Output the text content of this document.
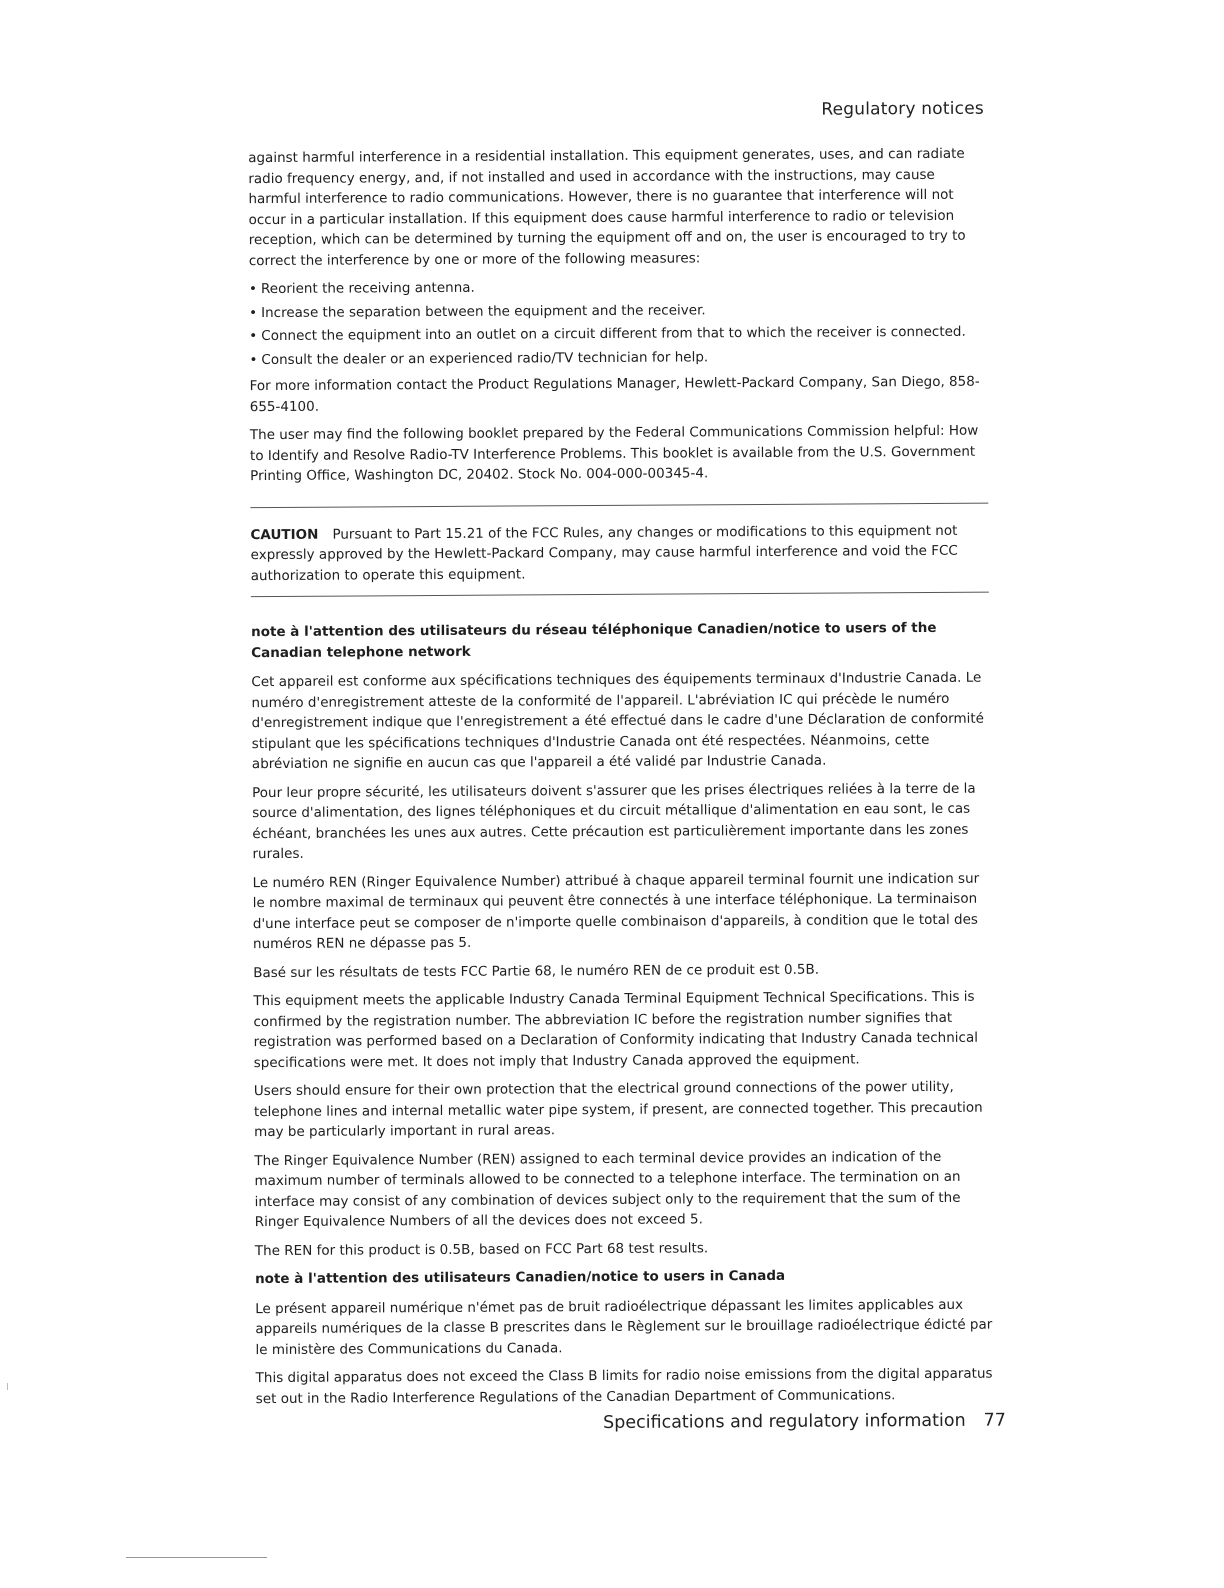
Regulatory notices

against harmful interference in a residential installation. This equipment generates, uses, and can radiate radio frequency energy, and, if not installed and used in accordance with the instructions, may cause harmful interference to radio communications. However, there is no guarantee that interference will not occur in a particular installation. If this equipment does cause harmful interference to radio or television reception, which can be determined by turning the equipment off and on, the user is encouraged to try to correct the interference by one or more of the following measures:

• Reorient the receiving antenna.
• Increase the separation between the equipment and the receiver.
• Connect the equipment into an outlet on a circuit different from that to which the receiver is connected.
• Consult the dealer or an experienced radio/TV technician for help.

For more information contact the Product Regulations Manager, Hewlett-Packard Company, San Diego, 858-655-4100.

The user may find the following booklet prepared by the Federal Communications Commission helpful: How to Identify and Resolve Radio-TV Interference Problems. This booklet is available from the U.S. Government Printing Office, Washington DC, 20402. Stock No. 004-000-00345-4.

CAUTION Pursuant to Part 15.21 of the FCC Rules, any changes or modifications to this equipment not expressly approved by the Hewlett-Packard Company, may cause harmful interference and void the FCC authorization to operate this equipment.

note à l'attention des utilisateurs du réseau téléphonique Canadien/notice to users of the Canadian telephone network

Cet appareil est conforme aux spécifications techniques des équipements terminaux d'Industrie Canada. Le numéro d'enregistrement atteste de la conformité de l'appareil. L'abréviation IC qui précède le numéro d'enregistrement indique que l'enregistrement a été effectué dans le cadre d'une Déclaration de conformité stipulant que les spécifications techniques d'Industrie Canada ont été respectées. Néanmoins, cette abréviation ne signifie en aucun cas que l'appareil a été validé par Industrie Canada.

Pour leur propre sécurité, les utilisateurs doivent s'assurer que les prises électriques reliées à la terre de la source d'alimentation, des lignes téléphoniques et du circuit métallique d'alimentation en eau sont, le cas échéant, branchées les unes aux autres. Cette précaution est particulièrement importante dans les zones rurales.

Le numéro REN (Ringer Equivalence Number) attribué à chaque appareil terminal fournit une indication sur le nombre maximal de terminaux qui peuvent être connectés à une interface téléphonique. La terminaison d'une interface peut se composer de n'importe quelle combinaison d'appareils, à condition que le total des numéros REN ne dépasse pas 5.

Basé sur les résultats de tests FCC Partie 68, le numéro REN de ce produit est 0.5B.

This equipment meets the applicable Industry Canada Terminal Equipment Technical Specifications. This is confirmed by the registration number. The abbreviation IC before the registration number signifies that registration was performed based on a Declaration of Conformity indicating that Industry Canada technical specifications were met. It does not imply that Industry Canada approved the equipment.

Users should ensure for their own protection that the electrical ground connections of the power utility, telephone lines and internal metallic water pipe system, if present, are connected together. This precaution may be particularly important in rural areas.

The Ringer Equivalence Number (REN) assigned to each terminal device provides an indication of the maximum number of terminals allowed to be connected to a telephone interface. The termination on an interface may consist of any combination of devices subject only to the requirement that the sum of the Ringer Equivalence Numbers of all the devices does not exceed 5.

The REN for this product is 0.5B, based on FCC Part 68 test results.

note à l'attention des utilisateurs Canadien/notice to users in Canada

Le présent appareil numérique n'émet pas de bruit radioélectrique dépassant les limites applicables aux appareils numériques de la classe B prescrites dans le Règlement sur le brouillage radioélectrique édicté par le ministère des Communications du Canada.

This digital apparatus does not exceed the Class B limits for radio noise emissions from the digital apparatus set out in the Radio Interference Regulations of the Canadian Department of Communications.

Specifications and regulatory information 77
